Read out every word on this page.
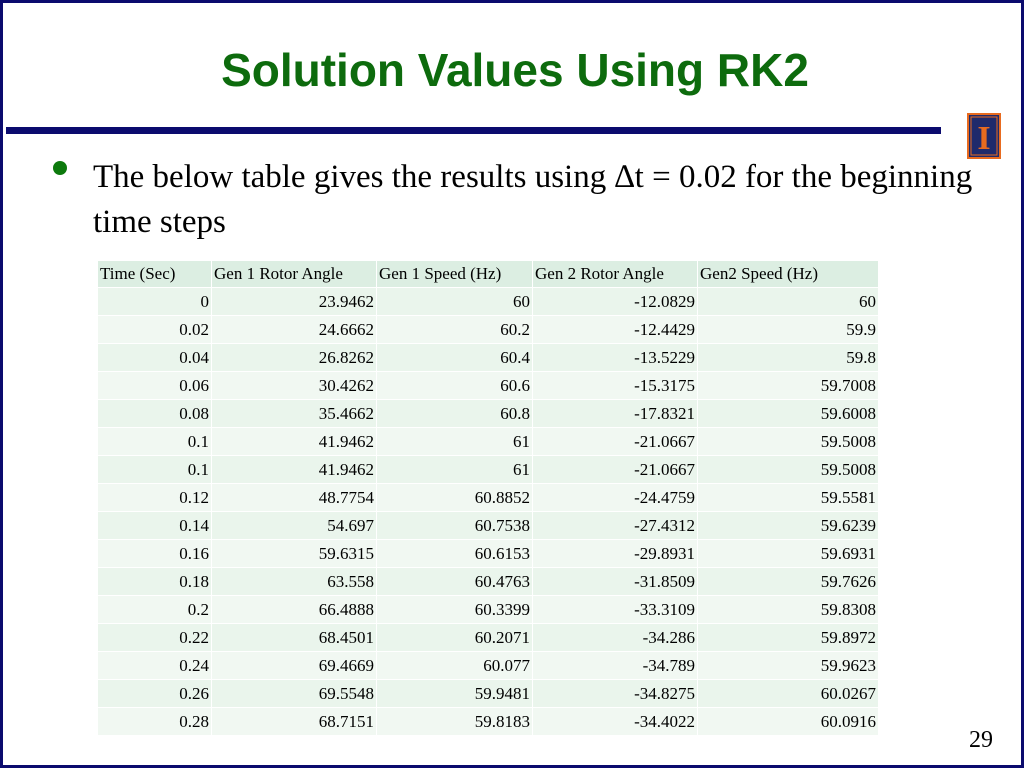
Solution Values Using RK2
I
The below table gives the results using ∆t = 0.02 for the beginning time steps
Time (Sec)	Gen 1 Rotor Angle	Gen 1 Speed (Hz)	Gen 2 Rotor Angle	Gen2 Speed (Hz)
0	23.9462	60	-12.0829	60
0.02	24.6662	60.2	-12.4429	59.9
0.04	26.8262	60.4	-13.5229	59.8
0.06	30.4262	60.6	-15.3175	59.7008
0.08	35.4662	60.8	-17.8321	59.6008
0.1	41.9462	61	-21.0667	59.5008
0.1	41.9462	61	-21.0667	59.5008
0.12	48.7754	60.8852	-24.4759	59.5581
0.14	54.697	60.7538	-27.4312	59.6239
0.16	59.6315	60.6153	-29.8931	59.6931
0.18	63.558	60.4763	-31.8509	59.7626
0.2	66.4888	60.3399	-33.3109	59.8308
0.22	68.4501	60.2071	-34.286	59.8972
0.24	69.4669	60.077	-34.789	59.9623
0.26	69.5548	59.9481	-34.8275	60.0267
0.28	68.7151	59.8183	-34.4022	60.0916
29
